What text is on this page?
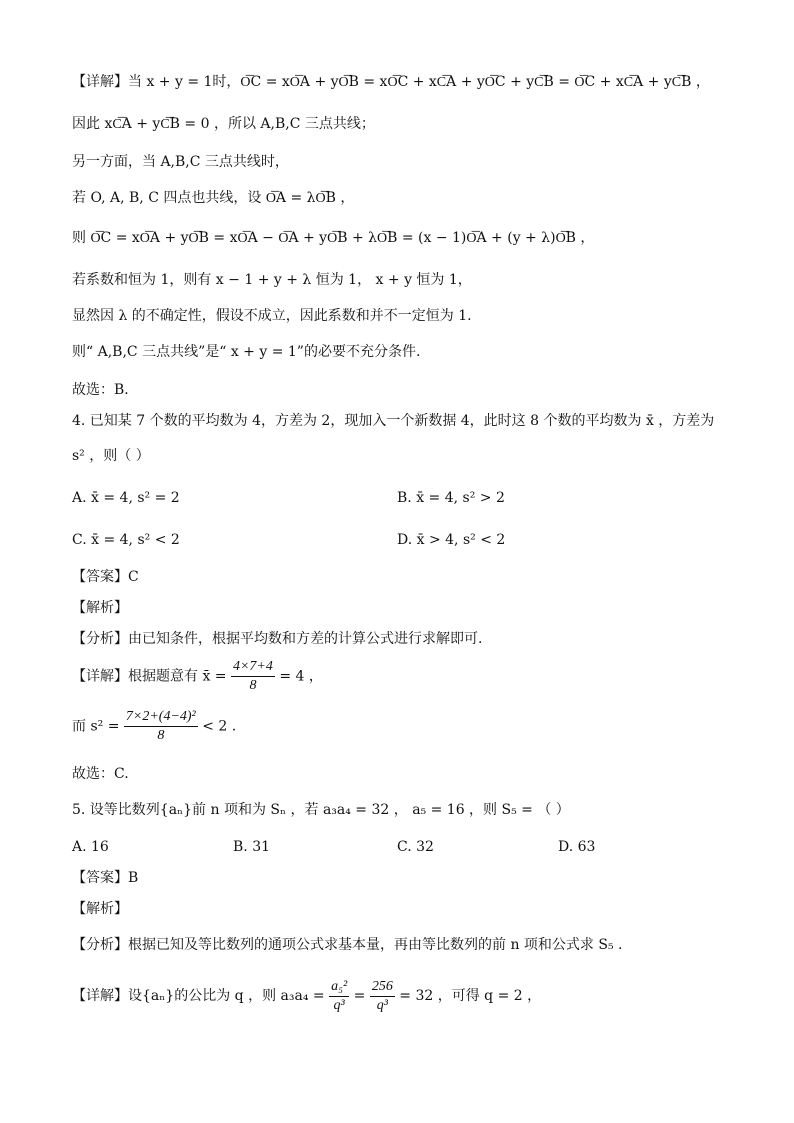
【详解】当 x + y = 1时，O͞C = xO͞A + yO͞B = xO͞C + xC͞A + yO͞C + yC͞B = O͞C + xC͞A + yC͞B ，
因此 xC͞A + yC͞B = 0 ，所以 A,B,C 三点共线；
另一方面，当 A,B,C 三点共线时，
若 O, A, B, C 四点也共线，设 O͞A = λO͞B ，
则 O͞C = xO͞A + yO͞B = xO͞A − O͞A + yO͞B + λO͞B = (x − 1)O͞A + (y + λ)O͞B ，
若系数和恒为 1，则有 x − 1 + y + λ 恒为 1， x + y 恒为 1，
显然因 λ 的不确定性，假设不成立，因此系数和并不一定恒为 1.
则“ A,B,C 三点共线”是“ x + y = 1”的必要不充分条件.
故选：B．
4. 已知某 7 个数的平均数为 4，方差为 2，现加入一个新数据 4，此时这 8 个数的平均数为 x̄ ，方差为
s² ，则（ ）
A. x̄ = 4, s² = 2	B. x̄ = 4, s² > 2
C. x̄ = 4, s² < 2	D. x̄ > 4, s² < 2
【答案】C
【解析】
【分析】由已知条件，根据平均数和方差的计算公式进行求解即可.
【详解】根据题意有 x̄ = $\frac{4\times 7+4}{8} = 4$ ，
而 $s^2 = \frac{\text{7×2+(4−4)²}}{8} < 2$ .
故选：C.
5. 设等比数列{aₙ}前 n 项和为 Sₙ ，若 a₃a₄ = 32 ， a₅ = 16 ，则 S₅ = （ ）
A. 16	B. 31	C. 32	D. 63
【答案】B
【解析】
【分析】根据已知及等比数列的通项公式求基本量，再由等比数列的前 n 项和公式求 S₅ .
【详解】设{aₙ}的公比为 q ，则 $a_3a_4 = \frac{\text{a₅²}}{\text{q³}} = \frac{256}{\text{q³}} = 32$ ，可得 q = 2 ，
